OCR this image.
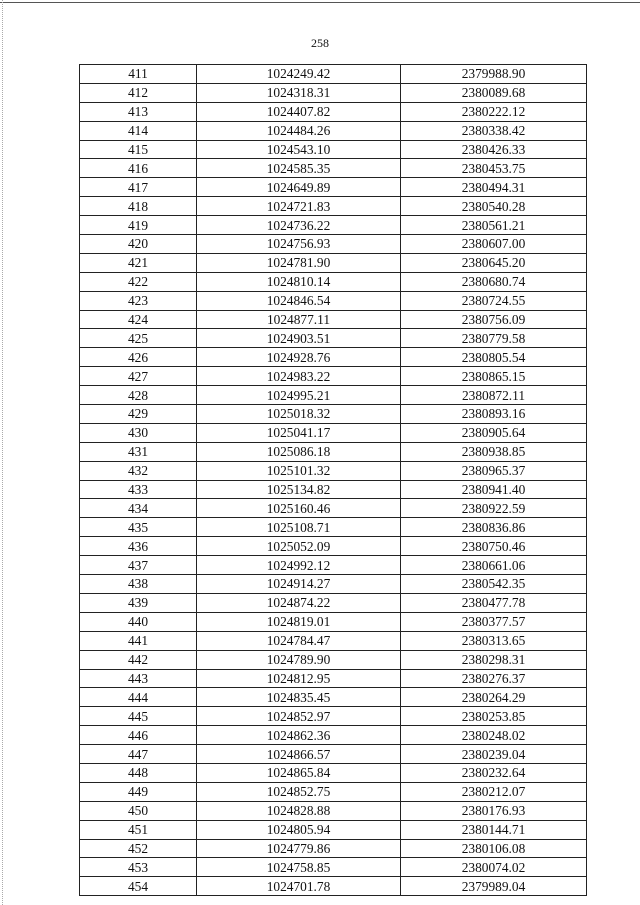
258
411	1024249.42	2379988.90
412	1024318.31	2380089.68
413	1024407.82	2380222.12
414	1024484.26	2380338.42
415	1024543.10	2380426.33
416	1024585.35	2380453.75
417	1024649.89	2380494.31
418	1024721.83	2380540.28
419	1024736.22	2380561.21
420	1024756.93	2380607.00
421	1024781.90	2380645.20
422	1024810.14	2380680.74
423	1024846.54	2380724.55
424	1024877.11	2380756.09
425	1024903.51	2380779.58
426	1024928.76	2380805.54
427	1024983.22	2380865.15
428	1024995.21	2380872.11
429	1025018.32	2380893.16
430	1025041.17	2380905.64
431	1025086.18	2380938.85
432	1025101.32	2380965.37
433	1025134.82	2380941.40
434	1025160.46	2380922.59
435	1025108.71	2380836.86
436	1025052.09	2380750.46
437	1024992.12	2380661.06
438	1024914.27	2380542.35
439	1024874.22	2380477.78
440	1024819.01	2380377.57
441	1024784.47	2380313.65
442	1024789.90	2380298.31
443	1024812.95	2380276.37
444	1024835.45	2380264.29
445	1024852.97	2380253.85
446	1024862.36	2380248.02
447	1024866.57	2380239.04
448	1024865.84	2380232.64
449	1024852.75	2380212.07
450	1024828.88	2380176.93
451	1024805.94	2380144.71
452	1024779.86	2380106.08
453	1024758.85	2380074.02
454	1024701.78	2379989.04
